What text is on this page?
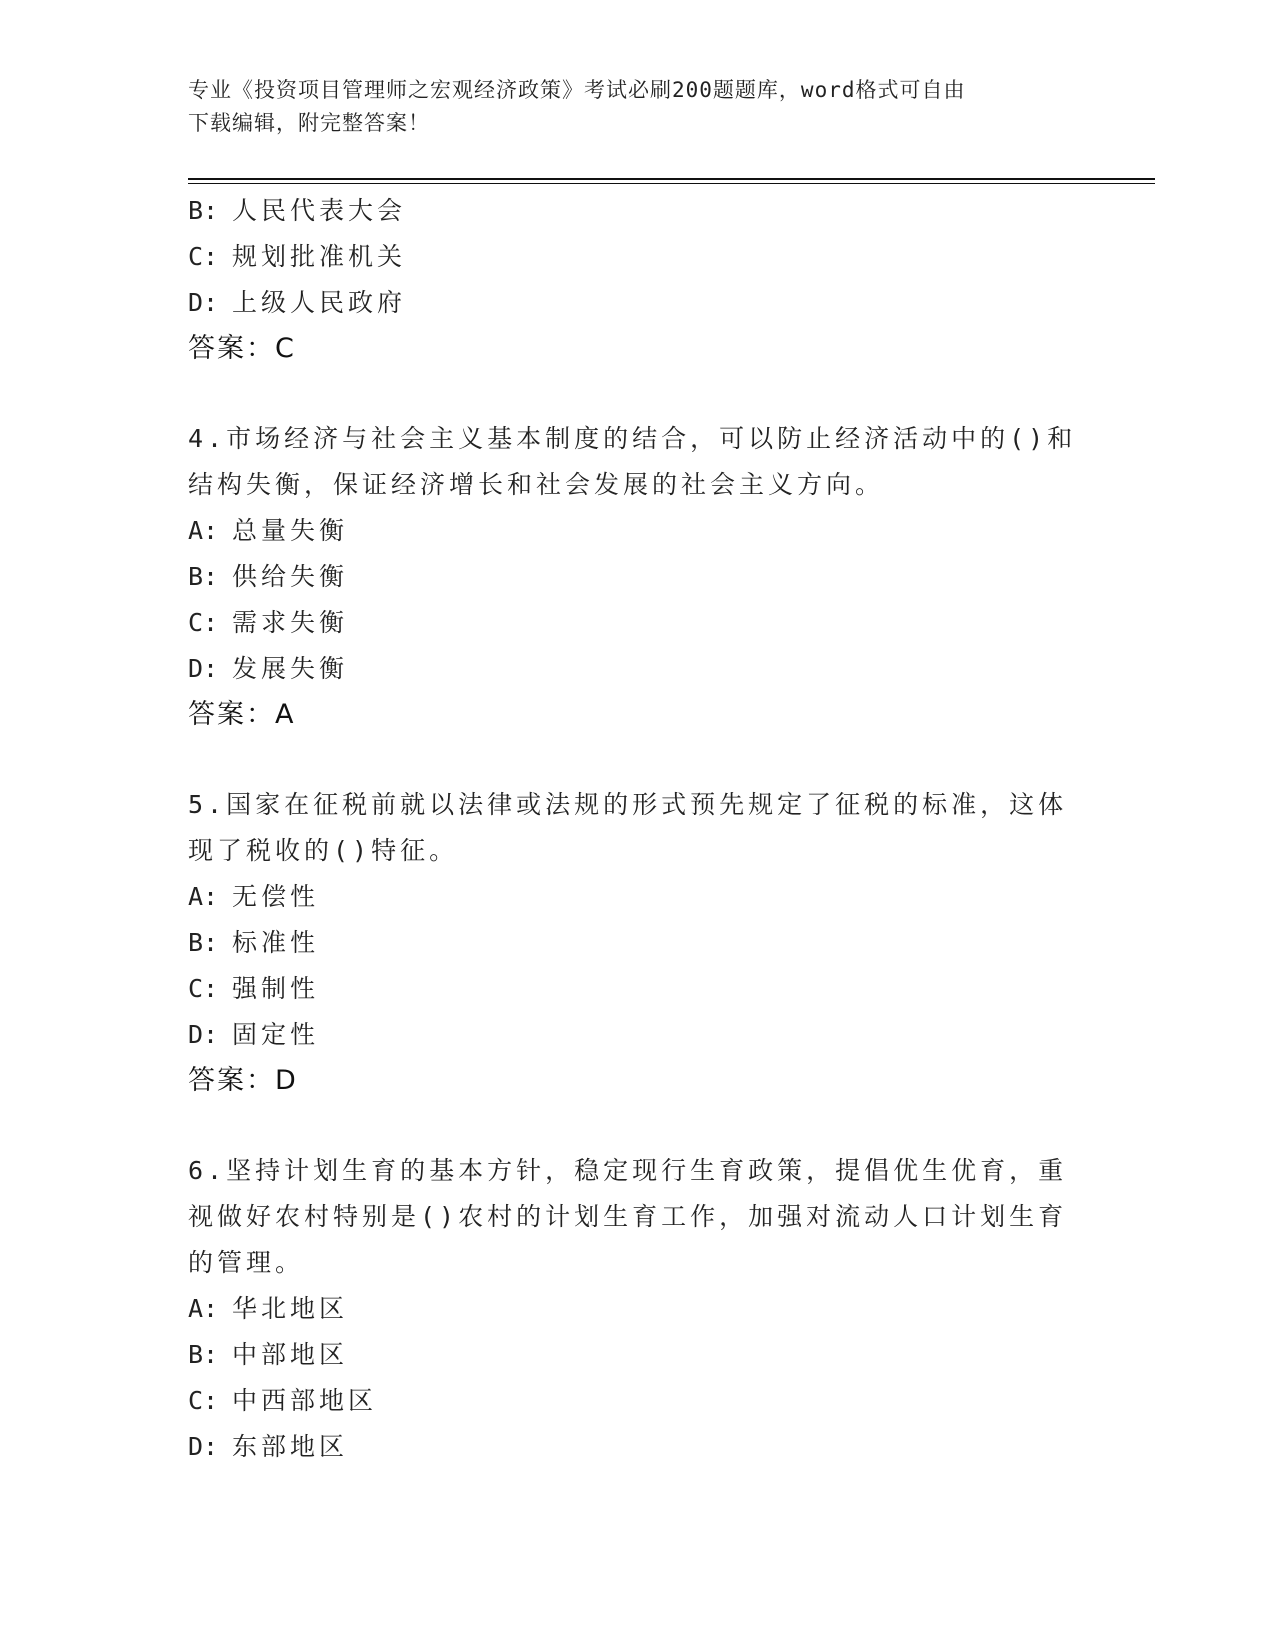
专业《投资项目管理师之宏观经济政策》考试必刷200题题库，word格式可自由
下载编辑，附完整答案！
B: 人民代表大会
C: 规划批准机关
D: 上级人民政府
答案：C
4.市场经济与社会主义基本制度的结合，可以防止经济活动中的()和
结构失衡，保证经济增长和社会发展的社会主义方向。
A: 总量失衡
B: 供给失衡
C: 需求失衡
D: 发展失衡
答案：A
5.国家在征税前就以法律或法规的形式预先规定了征税的标准，这体
现了税收的()特征。
A: 无偿性
B: 标准性
C: 强制性
D: 固定性
答案：D
6.坚持计划生育的基本方针，稳定现行生育政策，提倡优生优育，重
视做好农村特别是()农村的计划生育工作，加强对流动人口计划生育
的管理。
A: 华北地区
B: 中部地区
C: 中西部地区
D: 东部地区
